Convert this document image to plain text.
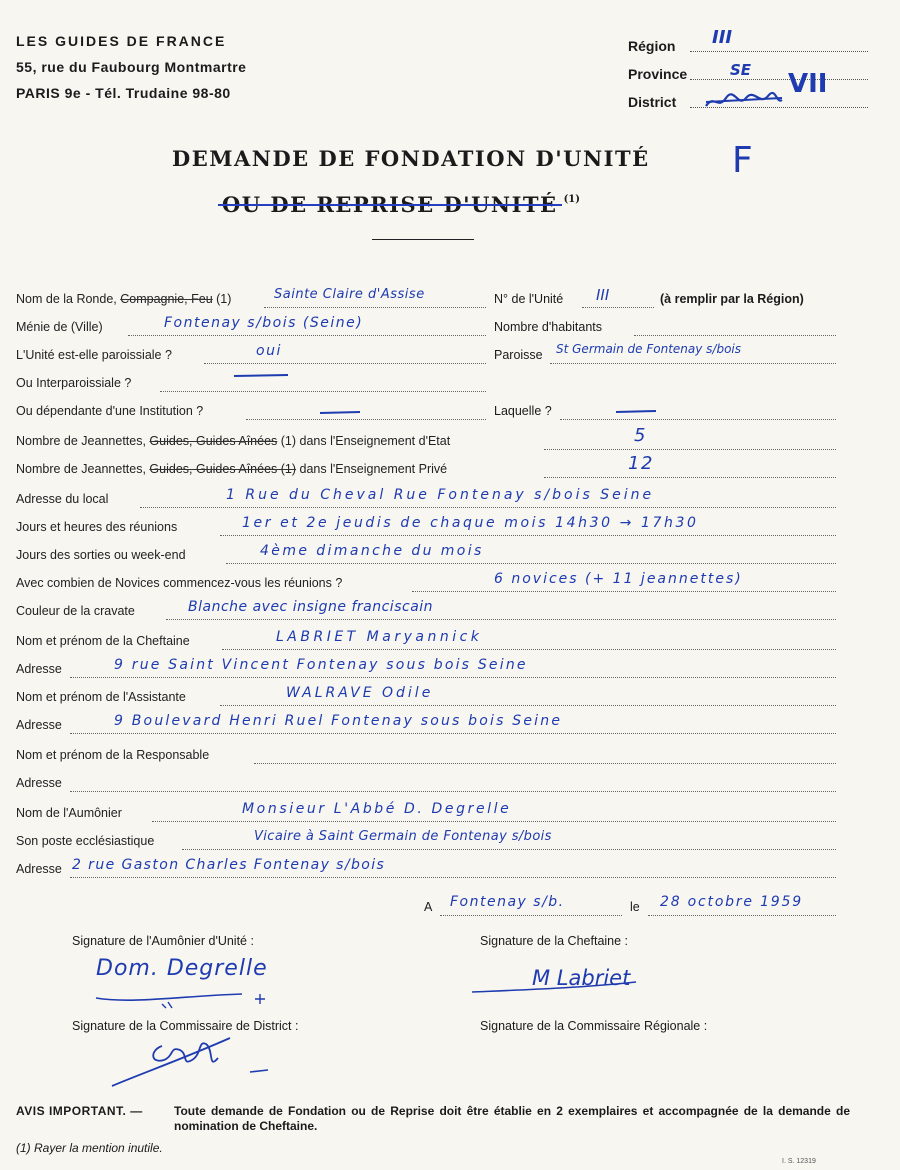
LES GUIDES DE FRANCE
55, rue du Faubourg Montmartre
PARIS 9e - Tél. Trudaine 98-80
Région III
Province	SE
District
VII
DEMANDE DE FONDATION D'UNITÉ
OU DE REPRISE D'UNITÉ $^{(1)}$
F
Nom de la Ronde, Compagnie, Feu (1)	Sainte Claire d'Assise	N° de l'Unité III	(à remplir par la Région)
Ménie de (Ville)	Fontenay s/bois (Seine)	Nombre d'habitants
L'Unité est-elle paroissiale ?	oui	Paroisse St Germain de Fontenay s/bois
Ou Interparoissiale ?
Ou dépendante d'une Institution ?	Laquelle ?
Nombre de Jeannettes, Guides, Guides Aînées (1) dans l'Enseignement d'Etat	5
Nombre de Jeannettes, Guides, Guides Aînées (1) dans l'Enseignement Privé	12
Adresse du local	1 Rue du Cheval Rue Fontenay s/bois Seine
Jours et heures des réunions	1er et 2e jeudis de chaque mois 14h30 → 17h30
Jours des sorties ou week-end	4ème dimanche du mois
Avec combien de Novices commencez-vous les réunions ?	6 novices (+ 11 jeannettes)
Couleur de la cravate	Blanche avec insigne franciscain
Nom et prénom de la Cheftaine	LABRIET Maryannick
Adresse	9 rue Saint Vincent Fontenay sous bois Seine
Nom et prénom de l'Assistante	WALRAVE Odile
Adresse	9 Boulevard Henri Ruel Fontenay sous bois Seine
Nom et prénom de la Responsable
Adresse
Nom de l'Aumônier	Monsieur L'Abbé D. Degrelle
Son poste ecclésiastique	Vicaire à Saint Germain de Fontenay s/bois
Adresse 2 rue Gaston Charles Fontenay s/bois
A Fontenay s/b.	le 28 octobre 1959
Signature de l'Aumônier d'Unité :	Signature de la Cheftaine :
Signature de la Commissaire de District :	Signature de la Commissaire Régionale :
Dom. Degrelle	M Labriet
AVIS IMPORTANT. —	Toute demande de Fondation ou de Reprise doit être établie en 2 exemplaires et accompagnée de la demande de nomination de Cheftaine.
(1) Rayer la mention inutile.
I. S. 12319
